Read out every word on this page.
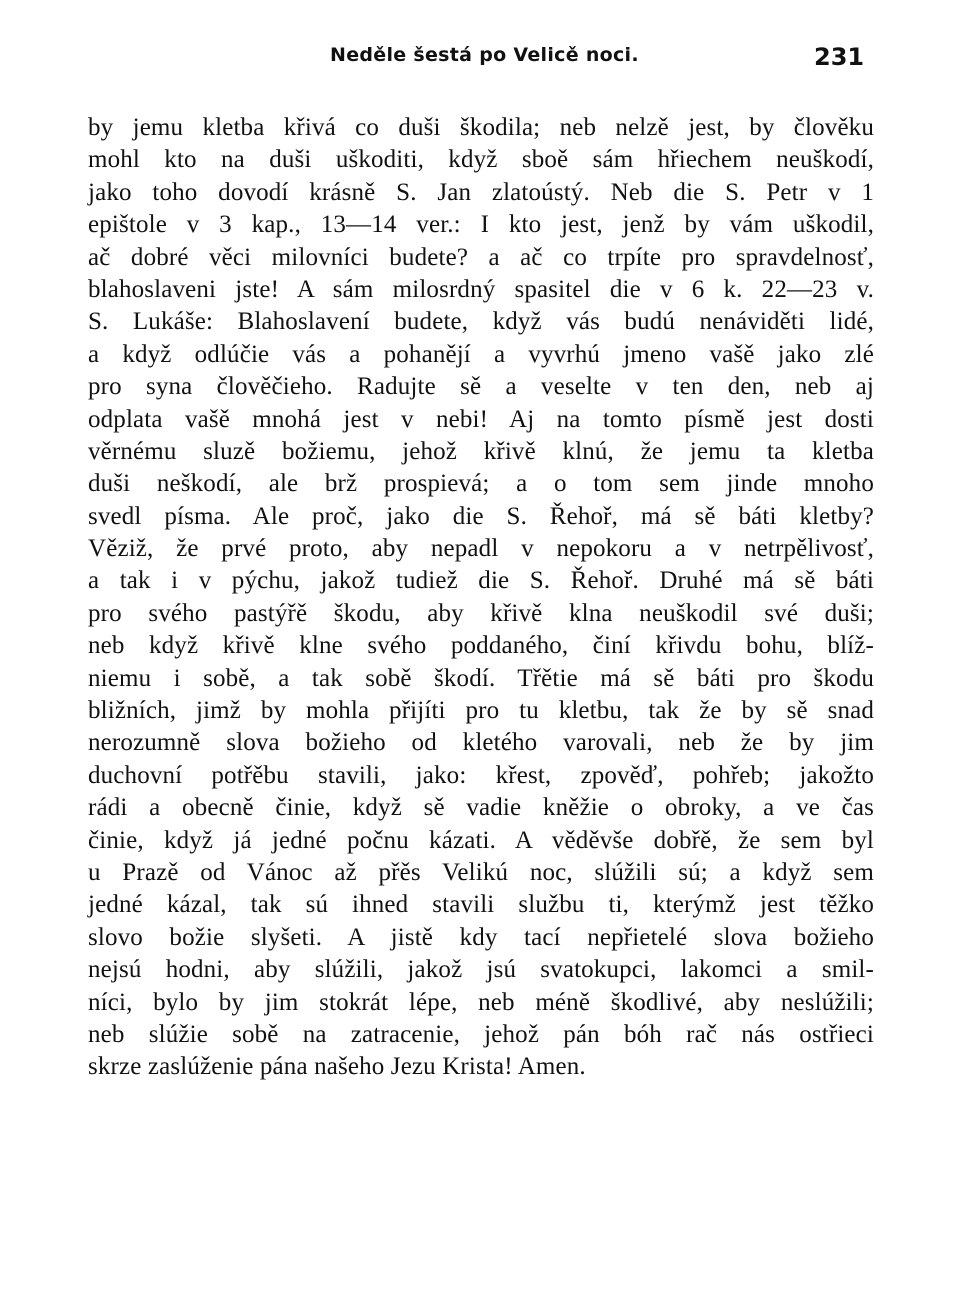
Neděle šestá po Velicě noci.	231
by jemu kletba křivá co duši škodila; neb nelzě jest, by člověku
mohl kto na duši uškoditi, když sboě sám hřiechem neuškodí,
jako toho dovodí krásně S. Jan zlatoústý. Neb die S. Petr v 1
epištole v 3 kap., 13—14 ver.: I kto jest, jenž by vám uškodil,
ač dobré věci milovníci budete? a ač co trpíte pro spravdelnosť,
blahoslaveni jste! A sám milosrdný spasitel die v 6 k. 22—23 v.
S. Lukáše: Blahoslavení budete, když vás budú nenáviděti lidé,
a když odlúčie vás a pohanějí a vyvrhú jmeno vašě jako zlé
pro syna člověčieho. Radujte sě a veselte v ten den, neb aj
odplata vašě mnohá jest v nebi! Aj na tomto písmě jest dosti
věrnému sluzě božiemu, jehož křivě klnú, že jemu ta kletba
duši neškodí, ale brž prospievá; a o tom sem jinde mnoho
svedl písma. Ale proč, jako die S. Řehoř, má sě báti kletby?
Věziž, že prvé proto, aby nepadl v nepokoru a v netrpělivosť,
a tak i v pýchu, jakož tudiež die S. Řehoř. Druhé má sě báti
pro svého pastýřě škodu, aby křivě klna neuškodil své duši;
neb když křivě klne svého poddaného, činí křivdu bohu, blíž-
niemu i sobě, a tak sobě škodí. Třětie má sě báti pro škodu
bližních, jimž by mohla přijíti pro tu kletbu, tak že by sě snad
nerozumně slova božieho od kletého varovali, neb že by jim
duchovní potřěbu stavili, jako: křest, zpověď, pohřeb; jakožto
rádi a obecně činie, když sě vadie kněžie o obroky, a ve čas
činie, když já jedné počnu kázati. A věděvše dobřě, že sem byl
u Prazě od Vánoc až přěs Velikú noc, slúžili sú; a když sem
jedné kázal, tak sú ihned stavili službu ti, kterýmž jest těžko
slovo božie slyšeti. A jistě kdy tací nepřietelé slova božieho
nejsú hodni, aby slúžili, jakož jsú svatokupci, lakomci a smil-
níci, bylo by jim stokrát lépe, neb méně škodlivé, aby neslúžili;
neb slúžie sobě na zatracenie, jehož pán bóh rač nás ostřieci
skrze zaslúženie pána našeho Jezu Krista! Amen.
